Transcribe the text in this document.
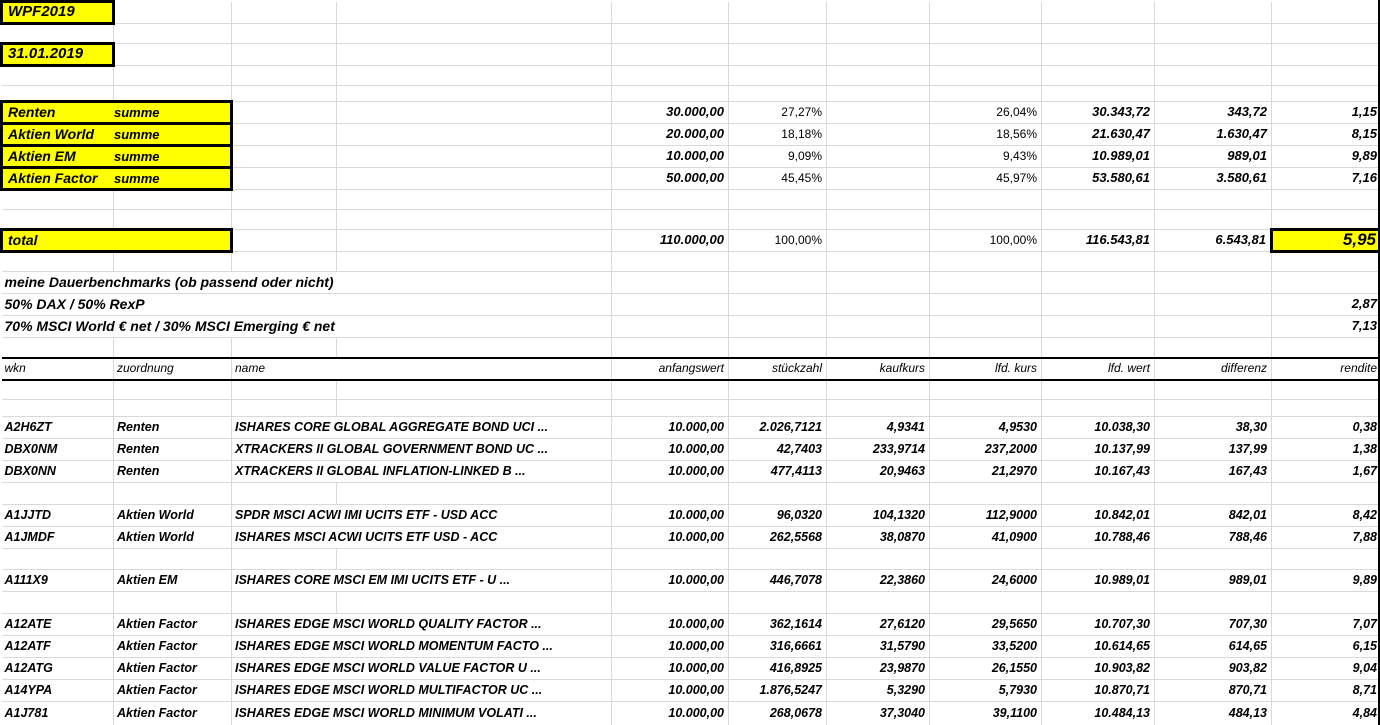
WPF2019										

31.01.2019										

Renten summe				30.000,00	27,27%		26,04%	30.343,72	343,72	1,15
Aktien World summe				20.000,00	18,18%		18,56%	21.630,47	1.630,47	8,15
Aktien EM summe				10.000,00	9,09%		9,43%	10.989,01	989,01	9,89
Aktien Factor summe				50.000,00	45,45%		45,97%	53.580,61	3.580,61	7,16

total				110.000,00	100,00%		100,00%	116.543,81	6.543,81	5,95

meine Dauerbenchmarks (ob passend oder nicht)										
50% DAX / 50% RexP										2,87
70% MSCI World € net / 30% MSCI Emerging € net										7,13

wkn	zuordnung	name		anfangswert	stückzahl	kaufkurs	lfd. kurs	lfd. wert	differenz	rendite

A2H6ZT	Renten	ISHARES CORE GLOBAL AGGREGATE BOND UCI ...		10.000,00	2.026,7121	4,9341	4,9530	10.038,30	38,30	0,38
DBX0NM	Renten	XTRACKERS II GLOBAL GOVERNMENT BOND UC ...		10.000,00	42,7403	233,9714	237,2000	10.137,99	137,99	1,38
DBX0NN	Renten	XTRACKERS II GLOBAL INFLATION-LINKED B ...		10.000,00	477,4113	20,9463	21,2970	10.167,43	167,43	1,67

A1JJTD	Aktien World	SPDR MSCI ACWI IMI UCITS ETF - USD ACC		10.000,00	96,0320	104,1320	112,9000	10.842,01	842,01	8,42
A1JMDF	Aktien World	ISHARES MSCI ACWI UCITS ETF USD - ACC		10.000,00	262,5568	38,0870	41,0900	10.788,46	788,46	7,88

A111X9	Aktien EM	ISHARES CORE MSCI EM IMI UCITS ETF - U ...		10.000,00	446,7078	22,3860	24,6000	10.989,01	989,01	9,89

A12ATE	Aktien Factor	ISHARES EDGE MSCI WORLD QUALITY FACTOR ...		10.000,00	362,1614	27,6120	29,5650	10.707,30	707,30	7,07
A12ATF	Aktien Factor	ISHARES EDGE MSCI WORLD MOMENTUM FACTO ...		10.000,00	316,6661	31,5790	33,5200	10.614,65	614,65	6,15
A12ATG	Aktien Factor	ISHARES EDGE MSCI WORLD VALUE FACTOR U ...		10.000,00	416,8925	23,9870	26,1550	10.903,82	903,82	9,04
A14YPA	Aktien Factor	ISHARES EDGE MSCI WORLD MULTIFACTOR UC ...		10.000,00	1.876,5247	5,3290	5,7930	10.870,71	870,71	8,71
A1J781	Aktien Factor	ISHARES EDGE MSCI WORLD MINIMUM VOLATI ...		10.000,00	268,0678	37,3040	39,1100	10.484,13	484,13	4,84
